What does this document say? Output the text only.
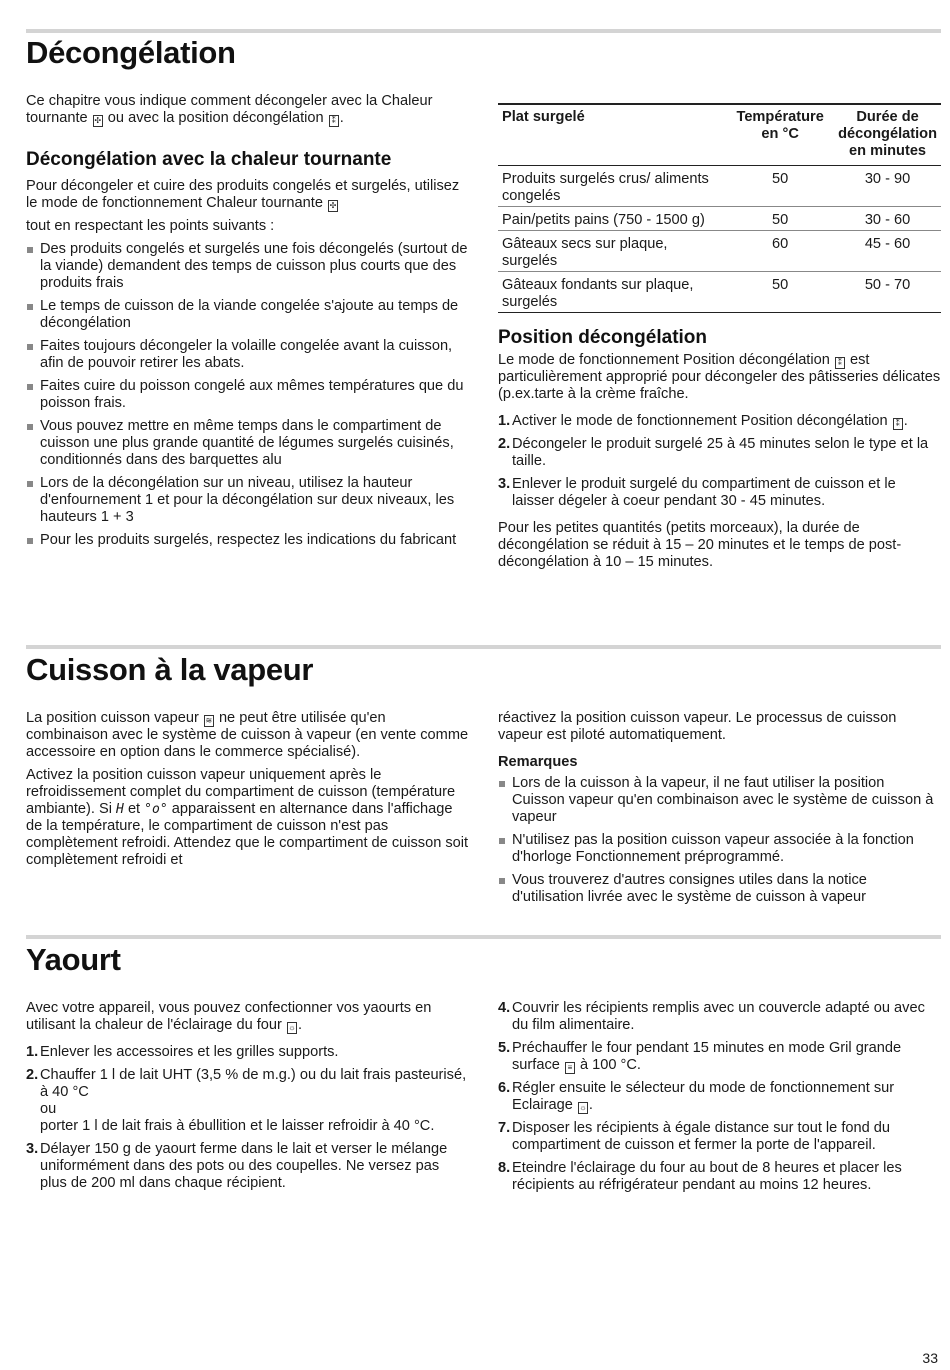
Décongélation

Ce chapitre vous indique comment décongeler avec la Chaleur tournante ✣ ou avec la position décongélation ⁑ .

Décongélation avec la chaleur tournante

Pour décongeler et cuire des produits congelés et surgelés, utilisez le mode de fonctionnement Chaleur tournante ✣

tout en respectant les points suivants :

Des produits congelés et surgelés une fois décongelés (surtout de la viande) demandent des temps de cuisson plus courts que des produits frais
Le temps de cuisson de la viande congelée s'ajoute au temps de décongélation
Faites toujours décongeler la volaille congelée avant la cuisson, afin de pouvoir retirer les abats.
Faites cuire du poisson congelé aux mêmes températures que du poisson frais.
Vous pouvez mettre en même temps dans le compartiment de cuisson une plus grande quantité de légumes surgelés cuisinés, conditionnés dans des barquettes alu
Lors de la décongélation sur un niveau, utilisez la hauteur d'enfournement 1 et pour la décongélation sur deux niveaux, les hauteurs 1 + 3
Pour les produits surgelés, respectez les indications du fabricant
Plat surgelé	Température en °C	Durée de décongélation en minutes
Produits surgelés crus/ aliments congelés	50	30 - 90
Pain/petits pains (750 - 1500 g)	50	30 - 60
Gâteaux secs sur plaque, surgelés	60	45 - 60
Gâteaux fondants sur plaque, surgelés	50	50 - 70
Position décongélation

Le mode de fonctionnement Position décongélation ⁑ est particulièrement approprié pour décongeler des pâtisseries délicates (p.ex.tarte à la crème fraîche.

1. Activer le mode de fonctionnement Position décongélation ⁑ .
2. Décongeler le produit surgelé 25 à 45 minutes selon le type et la taille.
3. Enlever le produit surgelé du compartiment de cuisson et le laisser dégeler à coeur pendant 30 - 45 minutes.

Pour les petites quantités (petits morceaux), la durée de décongélation se réduit à 15 – 20 minutes et le temps de post-décongélation à 10 – 15 minutes.

Cuisson à la vapeur

La position cuisson vapeur ≋ ne peut être utilisée qu'en combinaison avec le système de cuisson à vapeur (en vente comme accessoire en option dans le commerce spécialisé).

Activez la position cuisson vapeur uniquement après le refroidissement complet du compartiment de cuisson (température ambiante). Si H et °o° apparaissent en alternance dans l'affichage de la température, le compartiment de cuisson n'est pas complètement refroidi. Attendez que le compartiment de cuisson soit complètement refroidi et

réactivez la position cuisson vapeur. Le processus de cuisson vapeur est piloté automatiquement.

Remarques
Lors de la cuisson à la vapeur, il ne faut utiliser la position Cuisson vapeur qu'en combinaison avec le système de cuisson à vapeur
N'utilisez pas la position cuisson vapeur associée à la fonction d'horloge Fonctionnement préprogrammé.
Vous trouverez d'autres consignes utiles dans la notice d'utilisation livrée avec le système de cuisson à vapeur
Yaourt

Avec votre appareil, vous pouvez confectionner vos yaourts en utilisant la chaleur de l'éclairage du four ☼ .

1. Enlever les accessoires et les grilles supports.
2. Chauffer 1 l de lait UHT (3,5 % de m.g.) ou du lait frais pasteurisé, à 40 °C
ou
porter 1 l de lait frais à ébullition et le laisser refroidir à 40 °C.
3. Délayer 150 g de yaourt ferme dans le lait et verser le mélange uniformément dans des pots ou des coupelles. Ne versez pas plus de 200 ml dans chaque récipient.
4. Couvrir les récipients remplis avec un couvercle adapté ou avec du film alimentaire.
5. Préchauffer le four pendant 15 minutes en mode Gril grande surface ≡ à 100 °C.
6. Régler ensuite le sélecteur du mode de fonctionnement sur Eclairage ☼ .
7. Disposer les récipients à égale distance sur tout le fond du compartiment de cuisson et fermer la porte de l'appareil.
8. Eteindre l'éclairage du four au bout de 8 heures et placer les récipients au réfrigérateur pendant au moins 12 heures.
33
